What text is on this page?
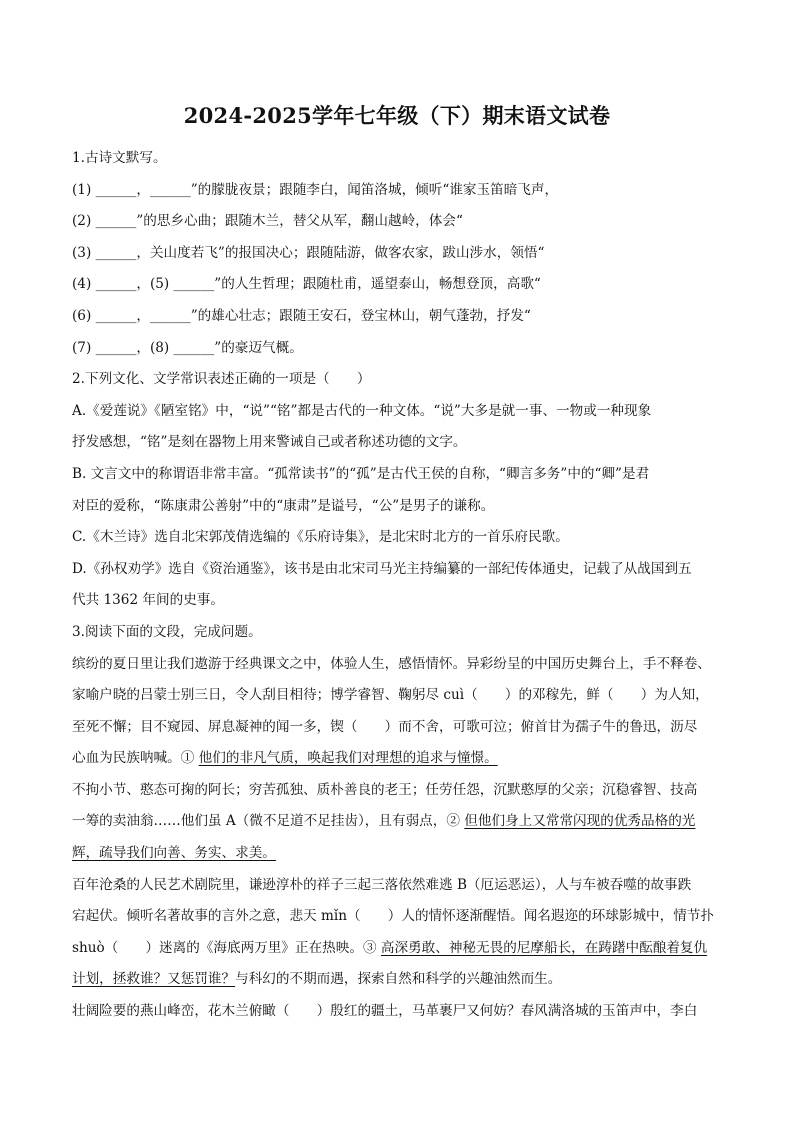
2024-2025学年七年级（下）期末语文试卷
1.古诗文默写。
(1) ______，______”的朦胧夜景；跟随李白，闻笛洛城，倾听“谁家玉笛暗飞声，
(2) ______”的思乡心曲；跟随木兰，替父从军，翻山越岭，体会“
(3) ______，关山度若飞”的报国决心；跟随陆游，做客农家，跋山涉水，领悟“
(4) ______，(5) ______”的人生哲理；跟随杜甫，遥望泰山，畅想登顶，高歌“
(6) ______，______”的雄心壮志；跟随王安石，登宝林山，朝气蓬勃，抒发“
(7) ______，(8) ______”的豪迈气概。
2.下列文化、文学常识表述正确的一项是（　　）
A.《爱莲说》《陋室铭》中，“说”“铭”都是古代的一种文体。“说”大多是就一事、一物或一种现象
抒发感想，“铭”是刻在器物上用来警诫自己或者称述功德的文字。
B. 文言文中的称谓语非常丰富。“孤常读书”的“孤”是古代王侯的自称，“卿言多务”中的“卿”是君
对臣的爱称，“陈康肃公善射”中的“康肃”是谥号，“公”是男子的谦称。
C.《木兰诗》选自北宋郭茂倩选编的《乐府诗集》，是北宋时北方的一首乐府民歌。
D.《孙权劝学》选自《资治通鉴》，该书是由北宋司马光主持编纂的一部纪传体通史，记载了从战国到五
代共 1362 年间的史事。
3.阅读下面的文段，完成问题。
缤纷的夏日里让我们遨游于经典课文之中，体验人生，感悟情怀。异彩纷呈的中国历史舞台上，手不释卷、
家喻户晓的吕蒙士别三日，令人刮目相待；博学睿智、鞠躬尽 cuì（　　）的邓稼先，鲜（　　）为人知，
至死不懈；目不窥园、屏息凝神的闻一多，锲（　　）而不舍，可歌可泣；俯首甘为孺子牛的鲁迅，沥尽
心血为民族呐喊。① 他们的非凡气质，唤起我们对理想的追求与憧憬。
不拘小节、憨态可掬的阿长；穷苦孤独、质朴善良的老王；任劳任怨，沉默憨厚的父亲；沉稳睿智、技高
一筹的卖油翁……他们虽 A（微不足道不足挂齿），且有弱点，② 但他们身上又常常闪现的优秀品格的光
辉，疏导我们向善、务实、求美。
百年沧桑的人民艺术剧院里，谦逊淳朴的祥子三起三落依然难逃 B（厄运恶运），人与车被吞噬的故事跌
宕起伏。倾听名著故事的言外之意，悲天 mǐn（　　）人的情怀逐渐醒悟。闻名遐迩的环球影城中，情节扑
shuò（　　）迷离的《海底两万里》正在热映。③ 高深勇敢、神秘无畏的尼摩船长，在踌躇中酝酿着复仇
计划，拯救谁？又惩罚谁？与科幻的不期而遇，探索自然和科学的兴趣油然而生。
壮阔险要的燕山峰峦，花木兰俯瞰（　　）殷红的疆土，马革裹尸又何妨？春风满洛城的玉笛声中，李白
